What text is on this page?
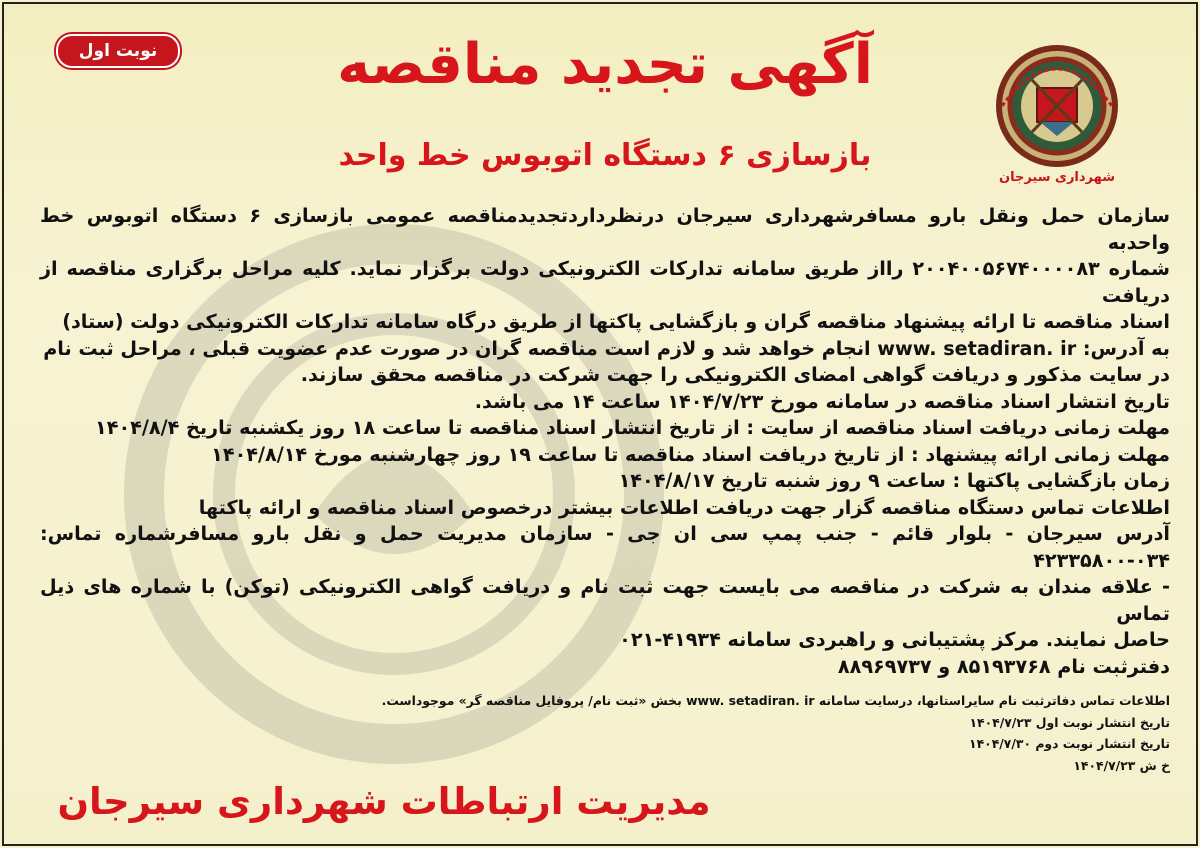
شهرداری سیرجان
نوبت اول	آگهی تجدید مناقصه
بازسازی ۶ دستگاه اتوبوس خط واحد

سازمان حمل ونقل بارو مسافرشهرداری سیرجان درنظرداردتجدیدمناقصه عمومی بازسازی ۶ دستگاه اتوبوس خط واحدبه

شماره ۲۰۰۴۰۰۵۶۷۴۰۰۰۰۸۳ رااز طریق سامانه تدارکات الکترونیکی دولت برگزار نماید. کلیه مراحل برگزاری مناقصه از دریافت

اسناد مناقصه تا ارائه پیشنهاد مناقصه گران و بازگشایی پاکتها از طریق درگاه سامانه تدارکات الکترونیکی دولت (ستاد)

به آدرس: www. setadiran. ir انجام خواهد شد و لازم است مناقصه گران در صورت عدم عضویت قبلی ، مراحل ثبت نام

در سایت مذکور و دریافت گواهی امضای الکترونیکی را جهت شرکت در مناقصه محقق سازند.

تاریخ انتشار اسناد مناقصه در سامانه مورخ ۱۴۰۴/۷/۲۳ ساعت ۱۴ می باشد.

مهلت زمانی دریافت اسناد مناقصه از سایت : از تاریخ انتشار اسناد مناقصه تا ساعت ۱۸ روز یکشنبه تاریخ ۱۴۰۴/۸/۴

مهلت زمانی ارائه پیشنهاد : از تاریخ دریافت اسناد مناقصه تا ساعت ۱۹ روز چهارشنبه مورخ ۱۴۰۴/۸/۱۴

زمان بازگشایی پاکتها : ساعت ۹ روز شنبه تاریخ ۱۴۰۴/۸/۱۷

اطلاعات تماس دستگاه مناقصه گزار جهت دریافت اطلاعات بیشتر درخصوص اسناد مناقصه و ارائه پاکتها

آدرس سیرجان - بلوار قائم - جنب پمپ سی ان جی - سازمان مدیریت حمل و نقل بارو مسافرشماره تماس: ۰۳۴-۴۲۳۳۵۸۰۰

- علاقه مندان به شرکت در مناقصه می بایست جهت ثبت نام و دریافت گواهی الکترونیکی (توکن) با شماره های ذیل تماس

حاصل نمایند. مرکز پشتیبانی و راهبردی سامانه ۴۱۹۳۴-۰۲۱

دفترثبت نام ۸۵۱۹۳۷۶۸ و ۸۸۹۶۹۷۳۷

اطلاعات تماس دفاترثبت نام سایراستانها، درسایت سامانه www. setadiran. ir بخش «ثبت نام/ پروفایل مناقصه گر» موجوداست.

تاریخ انتشار نوبت اول ۱۴۰۴/۷/۲۳

تاریخ انتشار نوبت دوم ۱۴۰۴/۷/۳۰

خ ش ۱۴۰۴/۷/۲۳

مدیریت ارتباطات شهرداری سیرجان
